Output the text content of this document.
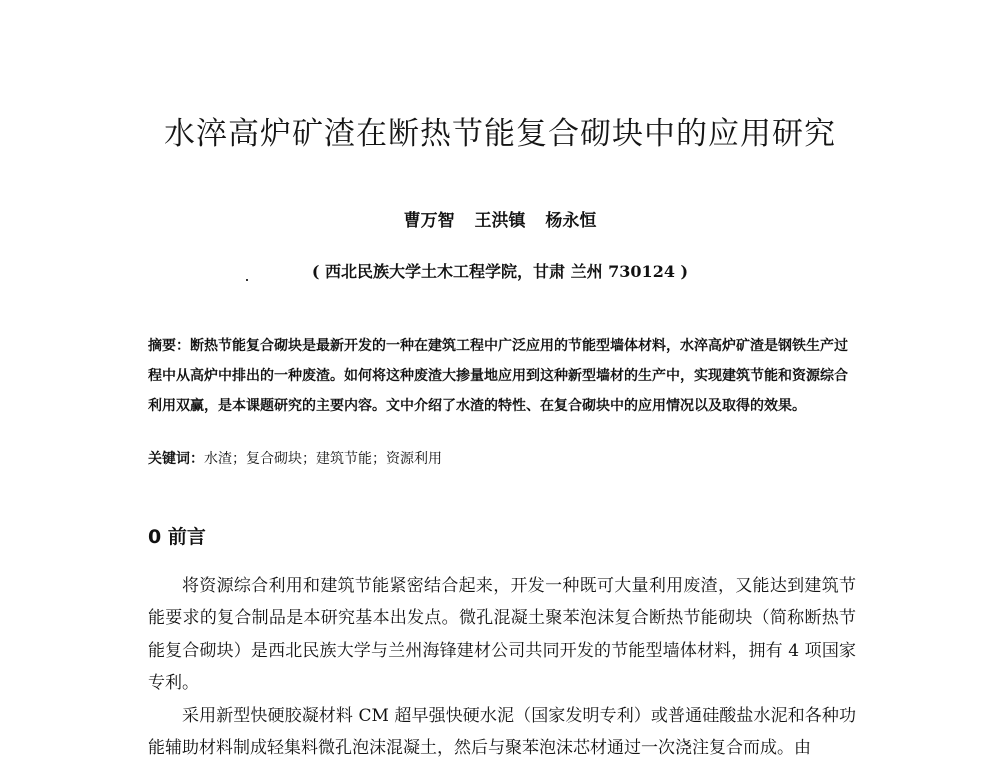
水淬高炉矿渣在断热节能复合砌块中的应用研究
曹万智 王洪镇 杨永恒
( 西北民族大学土木工程学院，甘肃 兰州 730124 )
摘要：断热节能复合砌块是最新开发的一种在建筑工程中广泛应用的节能型墙体材料，水淬高炉矿渣是钢铁生产过程中从高炉中排出的一种废渣。如何将这种废渣大掺量地应用到这种新型墙材的生产中，实现建筑节能和资源综合利用双赢，是本课题研究的主要内容。文中介绍了水渣的特性、在复合砌块中的应用情况以及取得的效果。
关键词：水渣；复合砌块；建筑节能；资源利用
0 前言

将资源综合利用和建筑节能紧密结合起来，开发一种既可大量利用废渣，又能达到建筑节能要求的复合制品是本研究基本出发点。微孔混凝土聚苯泡沫复合断热节能砌块（简称断热节能复合砌块）是西北民族大学与兰州海锋建材公司共同开发的节能型墙体材料，拥有 4 项国家专利。

采用新型快硬胶凝材料 CM 超早强快硬水泥（国家发明专利）或普通硅酸盐水泥和各种功能辅助材料制成轻集料微孔泡沫混凝土，然后与聚苯泡沫芯材通过一次浇注复合而成。由
